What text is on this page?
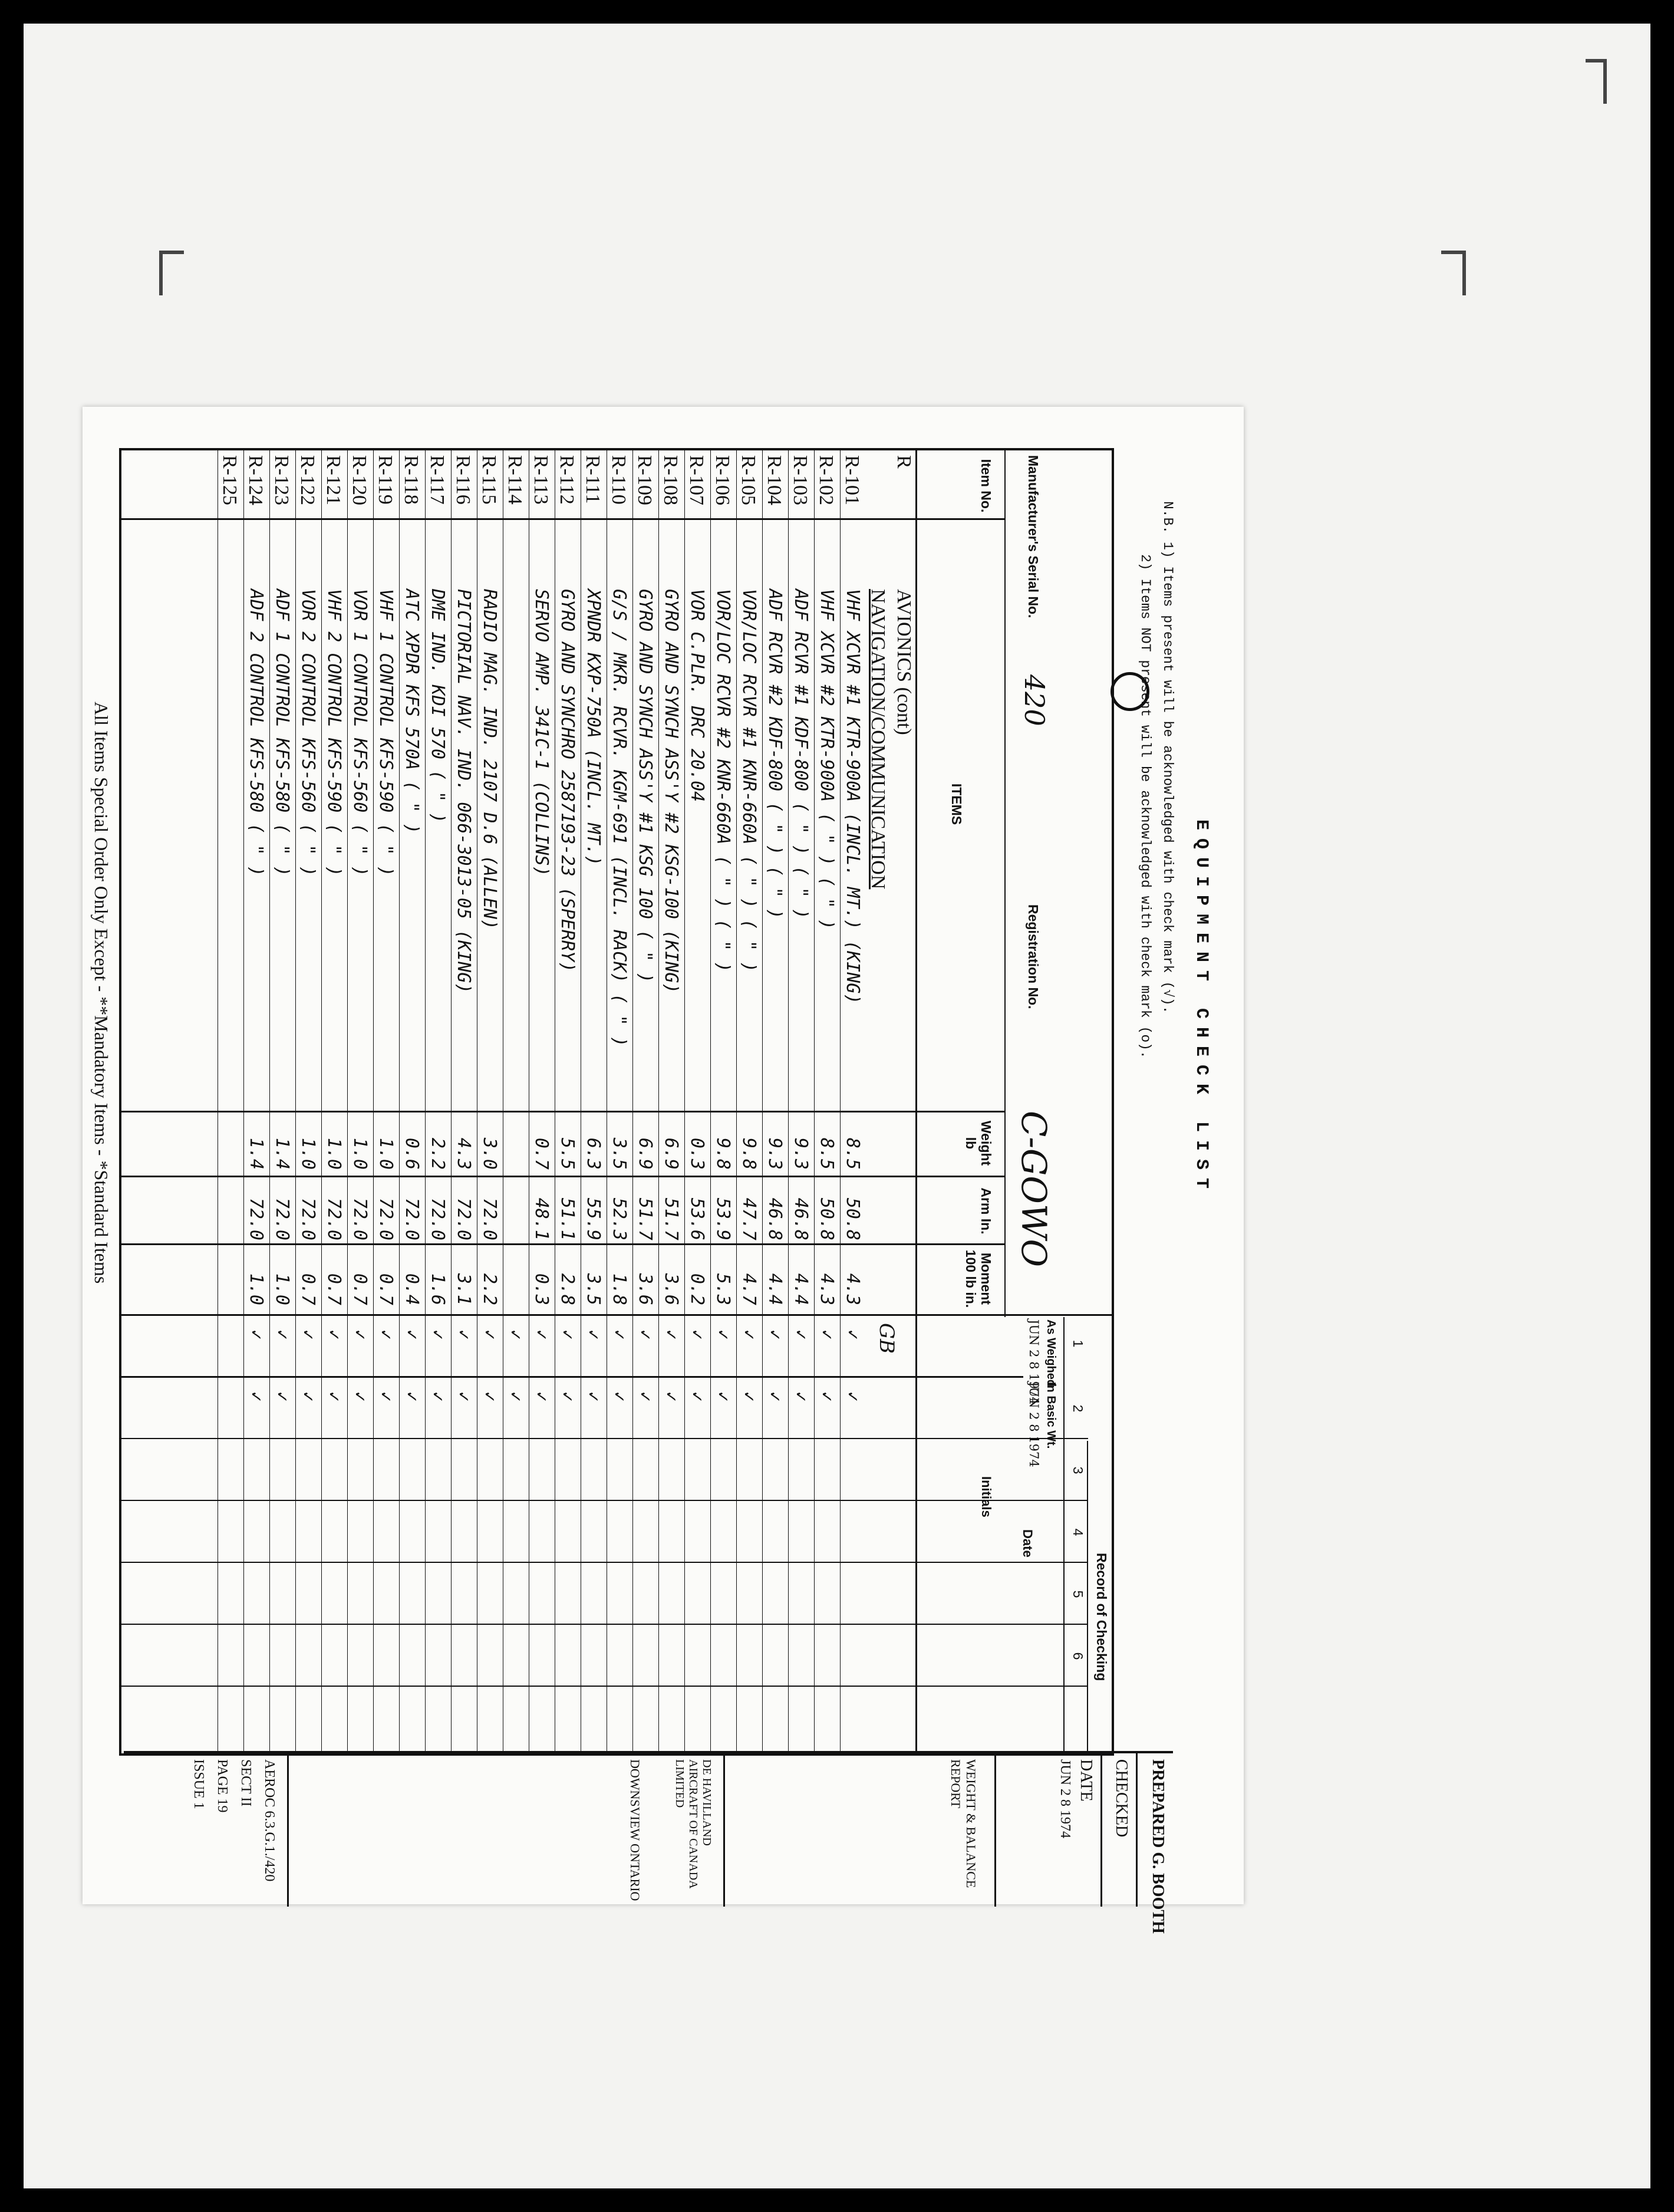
EQUIPMENT CHECK LIST
N.B. 1) Items present will be acknowledged with check mark (√).
2) Items NOT present will be acknowledged with check mark (o).
Manufacturer's Serial No.
420
Registration No.
C-GOWO
Item No.
ITEMS
Weight lb
Arm In.
Moment 100 lb in.
Record of Checking
1
2
3
4
5
6
Date
Initials
As Weighed
JUN 2 8 1974
In Basic Wt.
JUN 2 8 1974
R
AVIONICS (cont)
NAVIGATION/COMMUNICATION
R-101
VHF XCVR #1 KTR-900A (INCL. MT.) (KING)
8.5
50.8
4.3
✓
✓
R-102
VHF XCVR #2 KTR-900A ( " ) ( " )
8.5
50.8
4.3
✓
✓
R-103
ADF RCVR #1 KDF-800 ( " ) ( " )
9.3
46.8
4.4
✓
✓
R-104
ADF RCVR #2 KDF-800 ( " ) ( " )
9.3
46.8
4.4
✓
✓
R-105
VOR/LOC RCVR #1 KNR-660A ( " ) ( " )
9.8
47.7
4.7
✓
✓
R-106
VOR/LOC RCVR #2 KNR-660A ( " ) ( " )
9.8
53.9
5.3
✓
✓
R-107
VOR C.PLR. DRC 20.04
0.3
53.6
0.2
✓
✓
R-108
GYRO AND SYNCH ASS'Y #2 KSG-100 (KING)
6.9
51.7
3.6
✓
✓
R-109
GYRO AND SYNCH ASS'Y #1 KSG 100 ( " )
6.9
51.7
3.6
✓
✓
R-110
G/S / MKR. RCVR. KGM-691 (INCL. RACK) ( " )
3.5
52.3
1.8
✓
✓
R-111
XPNDR KXP-750A (INCL. MT.)
6.3
55.9
3.5
✓
✓
R-112
GYRO AND SYNCHRO 2587193-23 (SPERRY)
5.5
51.1
2.8
✓
✓
R-113
SERVO AMP. 341C-1 (COLLINS)
0.7
48.1
0.3
✓
✓
R-114
✓
✓
R-115
RADIO MAG. IND. 2107 D.6 (ALLEN)
3.0
72.0
2.2
✓
✓
R-116
PICTORIAL NAV. IND. 066-3013-05 (KING)
4.3
72.0
3.1
✓
✓
R-117
DME IND. KDI 570 ( " )
2.2
72.0
1.6
✓
✓
R-118
ATC XPDR KFS 570A ( " )
0.6
72.0
0.4
✓
✓
R-119
VHF 1 CONTROL KFS-590 ( " )
1.0
72.0
0.7
✓
✓
R-120
VOR 1 CONTROL KFS-560 ( " )
1.0
72.0
0.7
✓
✓
R-121
VHF 2 CONTROL KFS-590 ( " )
1.0
72.0
0.7
✓
✓
R-122
VOR 2 CONTROL KFS-560 ( " )
1.0
72.0
0.7
✓
✓
R-123
ADF 1 CONTROL KFS-580 ( " )
1.4
72.0
1.0
✓
✓
R-124
ADF 2 CONTROL KFS-580 ( " )
1.4
72.0
1.0
✓
✓
R-125
GB
PREPARED G. BOOTH
CHECKED
DATE
JUN 2 8 1974
WEIGHT & BALANCE REPORT
DE HAVILLAND AIRCRAFT OF CANADA LIMITED
DOWNSVIEW ONTARIO
AEROC 6.3.G.1./420
SECT II
PAGE 19
ISSUE 1
All Items Special Order Only Except - **Mandatory Items - *Standard Items
